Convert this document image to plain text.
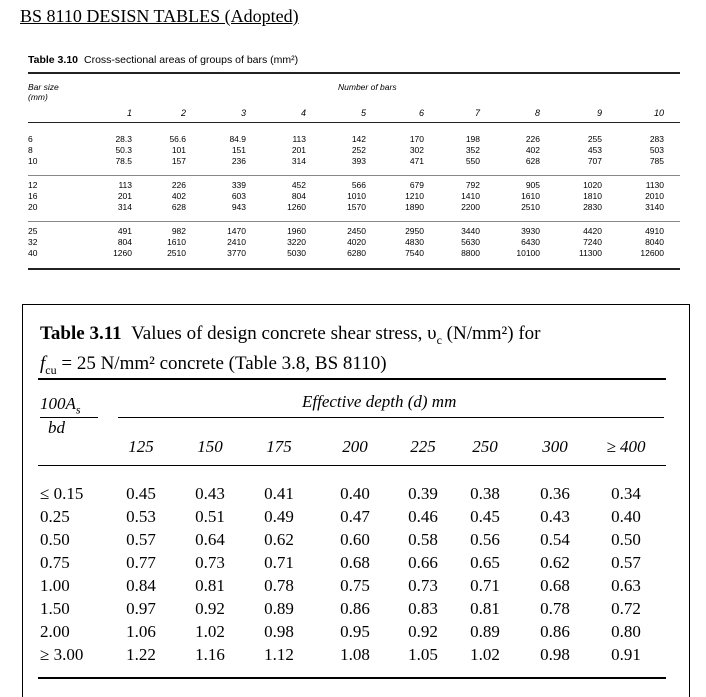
BS 8110 DESISN TABLES (Adopted)
Table 3.10 Cross-sectional areas of groups of bars (mm²)
Bar size
(mm)
Number of bars
1	2	3	4	5	6	7	8	9	10
6	28.3	56.6	84.9	113	142	170	198	226	255	283
8	50.3	101	151	201	252	302	352	402	453	503
10	78.5	157	236	314	393	471	550	628	707	785
12	113	226	339	452	566	679	792	905	1020	1130
16	201	402	603	804	1010	1210	1410	1610	1810	2010
20	314	628	943	1260	1570	1890	2200	2510	2830	3140
25	491	982	1470	1960	2450	2950	3440	3930	4420	4910
32	804	1610	2410	3220	4020	4830	5630	6430	7240	8040
40	1260	2510	3770	5030	6280	7540	8800	10100	11300	12600
Table 3.11 Values of design concrete shear stress, $\upsilon_c$ (N/mm²) for
$f_{cu} = 25$ N/mm² concrete (Table 3.8, BS 8110)
$100A_s$
bd
Effective depth (d) mm
125	150	175	200	225	250	300	≥ 400
≤ 0.15	0.45	0.43	0.41	0.40	0.39	0.38	0.36	0.34
0.25	0.53	0.51	0.49	0.47	0.46	0.45	0.43	0.40
0.50	0.57	0.64	0.62	0.60	0.58	0.56	0.54	0.50
0.75	0.77	0.73	0.71	0.68	0.66	0.65	0.62	0.57
1.00	0.84	0.81	0.78	0.75	0.73	0.71	0.68	0.63
1.50	0.97	0.92	0.89	0.86	0.83	0.81	0.78	0.72
2.00	1.06	1.02	0.98	0.95	0.92	0.89	0.86	0.80
≥ 3.00	1.22	1.16	1.12	1.08	1.05	1.02	0.98	0.91
